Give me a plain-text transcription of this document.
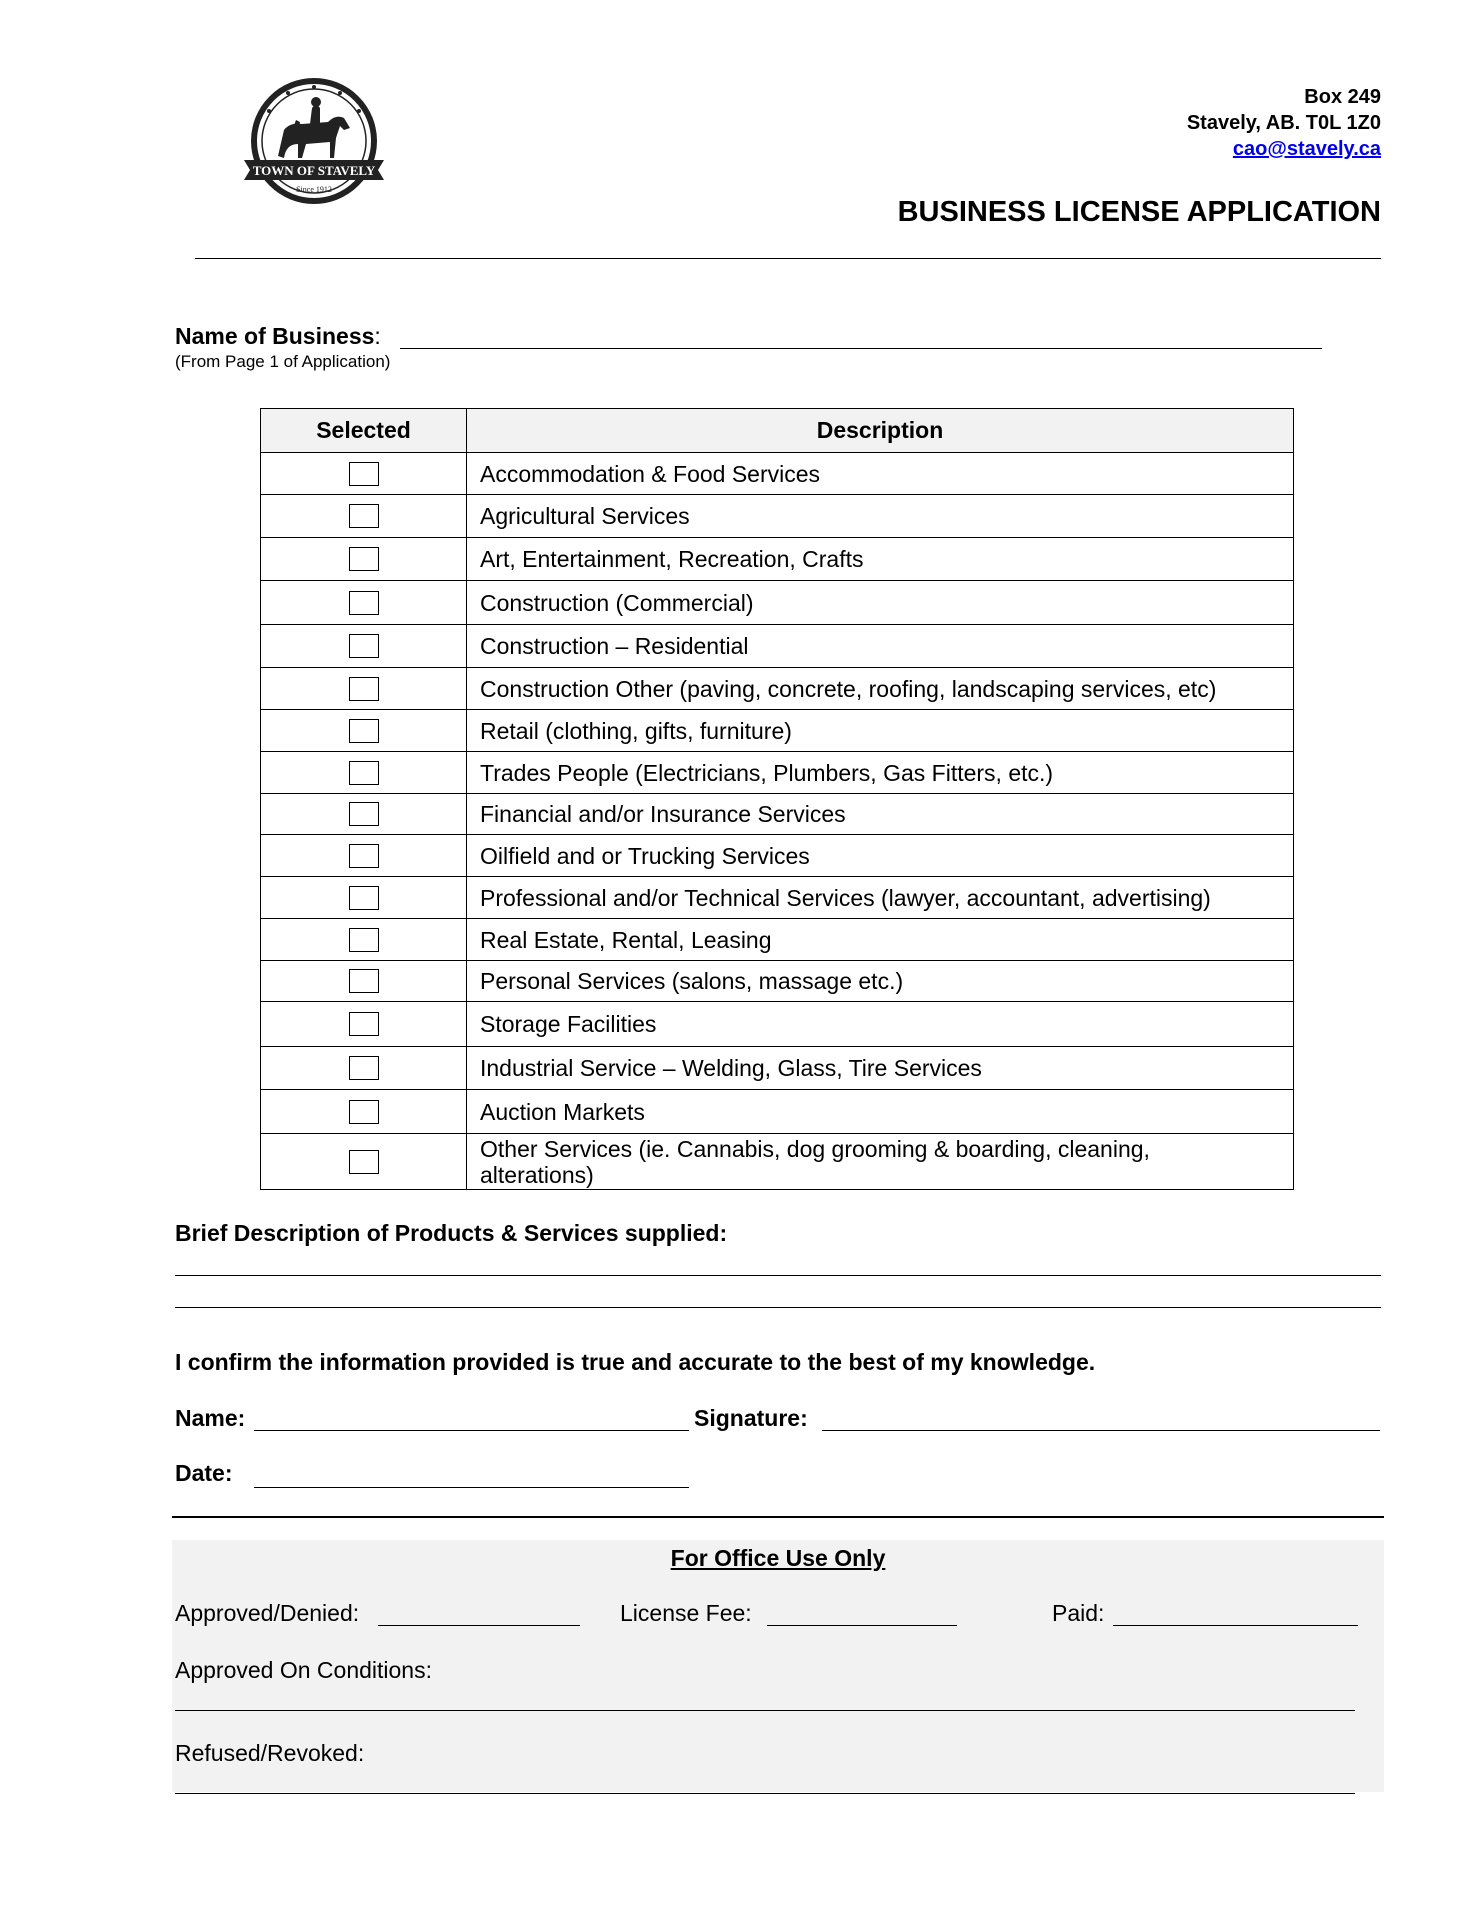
TOWN OF STAVELY
Since 1912
Box 249
Stavely, AB. T0L 1Z0
cao@stavely.ca
BUSINESS LICENSE APPLICATION
Name of Business:
(From Page 1 of Application)
Selected	Description
	Accommodation & Food Services
	Agricultural Services
	Art, Entertainment, Recreation, Crafts
	Construction (Commercial)
	Construction – Residential
	Construction Other (paving, concrete, roofing, landscaping services, etc)
	Retail (clothing, gifts, furniture)
	Trades People (Electricians, Plumbers, Gas Fitters, etc.)
	Financial and/or Insurance Services
	Oilfield and or Trucking Services
	Professional and/or Technical Services (lawyer, accountant, advertising)
	Real Estate, Rental, Leasing
	Personal Services (salons, massage etc.)
	Storage Facilities
	Industrial Service – Welding, Glass, Tire Services
	Auction Markets
	Other Services (ie. Cannabis, dog grooming & boarding, cleaning, alterations)
Brief Description of Products & Services supplied:
I confirm the information provided is true and accurate to the best of my knowledge.
Name:	Signature:
Date:
For Office Use Only
Approved/Denied:	License Fee:	Paid:
Approved On Conditions:
Refused/Revoked:
